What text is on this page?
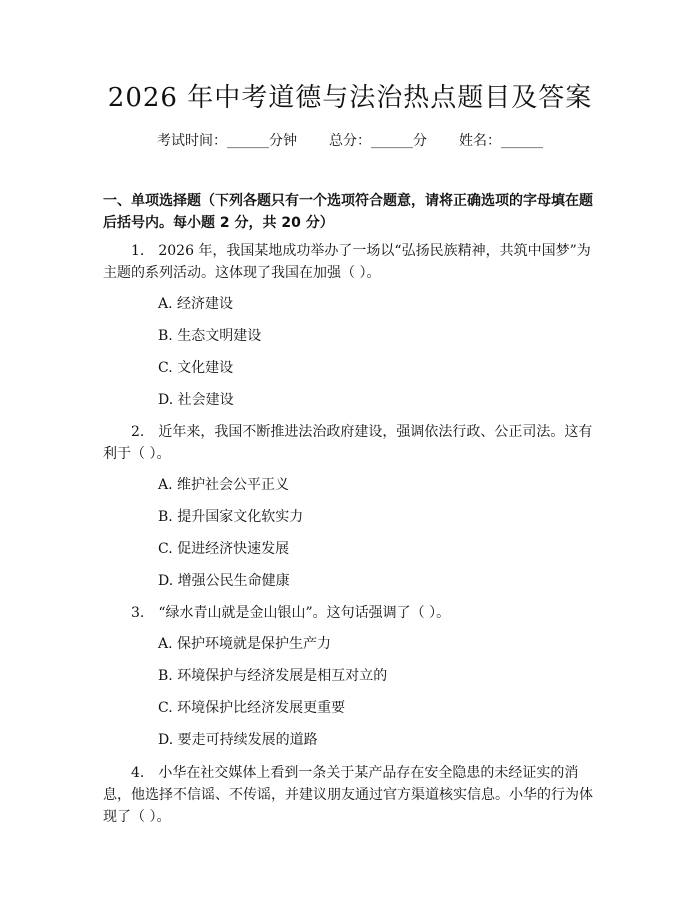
2026 年中考道德与法治热点题目及答案
考试时间：______分钟 总分：______分 姓名：______
一、单项选择题（下列各题只有一个选项符合题意，请将正确选项的字母填在题后括号内。每小题 2 分，共 20 分）
1.　2026 年，我国某地成功举办了一场以“弘扬民族精神，共筑中国梦”为主题的系列活动。这体现了我国在加强（ ）。
A. 经济建设
B. 生态文明建设
C. 文化建设
D. 社会建设
2.　近年来，我国不断推进法治政府建设，强调依法行政、公正司法。这有利于（ ）。
A. 维护社会公平正义
B. 提升国家文化软实力
C. 促进经济快速发展
D. 增强公民生命健康
3.　“绿水青山就是金山银山”。这句话强调了（ ）。
A. 保护环境就是保护生产力
B. 环境保护与经济发展是相互对立的
C. 环境保护比经济发展更重要
D. 要走可持续发展的道路
4.　小华在社交媒体上看到一条关于某产品存在安全隐患的未经证实的消息，他选择不信谣、不传谣，并建议朋友通过官方渠道核实信息。小华的行为体现了（ ）。
